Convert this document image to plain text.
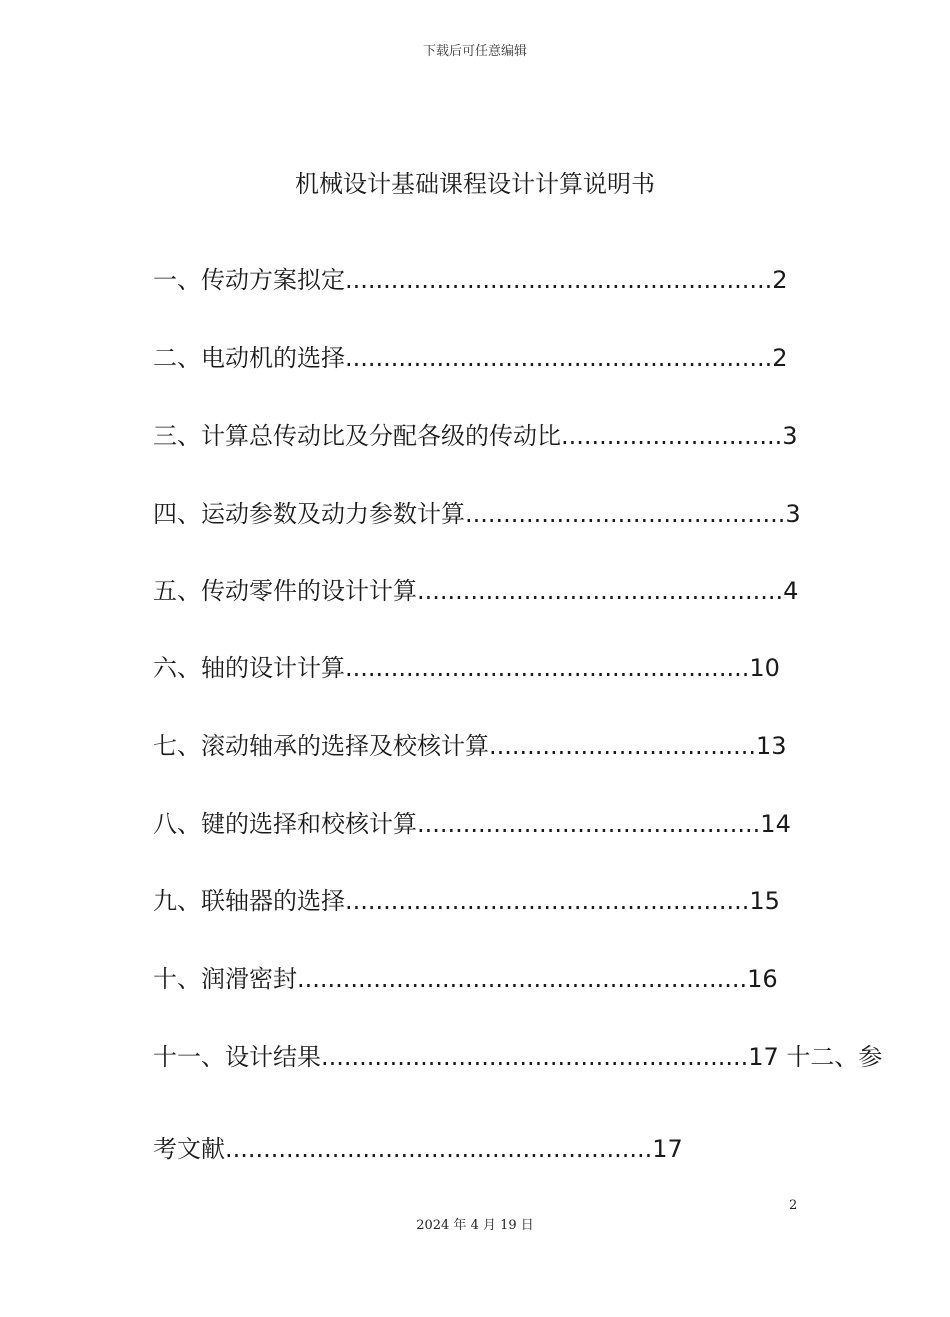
下载后可任意编辑
机械设计基础课程设计计算说明书
一、传动方案拟定........................................................2
二、电动机的选择........................................................2
三、计算总传动比及分配各级的传动比.............................3
四、运动参数及动力参数计算..........................................3
五、传动零件的设计计算................................................4
六、轴的设计计算.....................................................10
七、滚动轴承的选择及校核计算...................................13
八、键的选择和校核计算.............................................14
九、联轴器的选择.....................................................15
十、润滑密封...........................................................16
十一、设计结果........................................................17 十二、参
考文献........................................................17
2
2024 年 4 月 19 日
